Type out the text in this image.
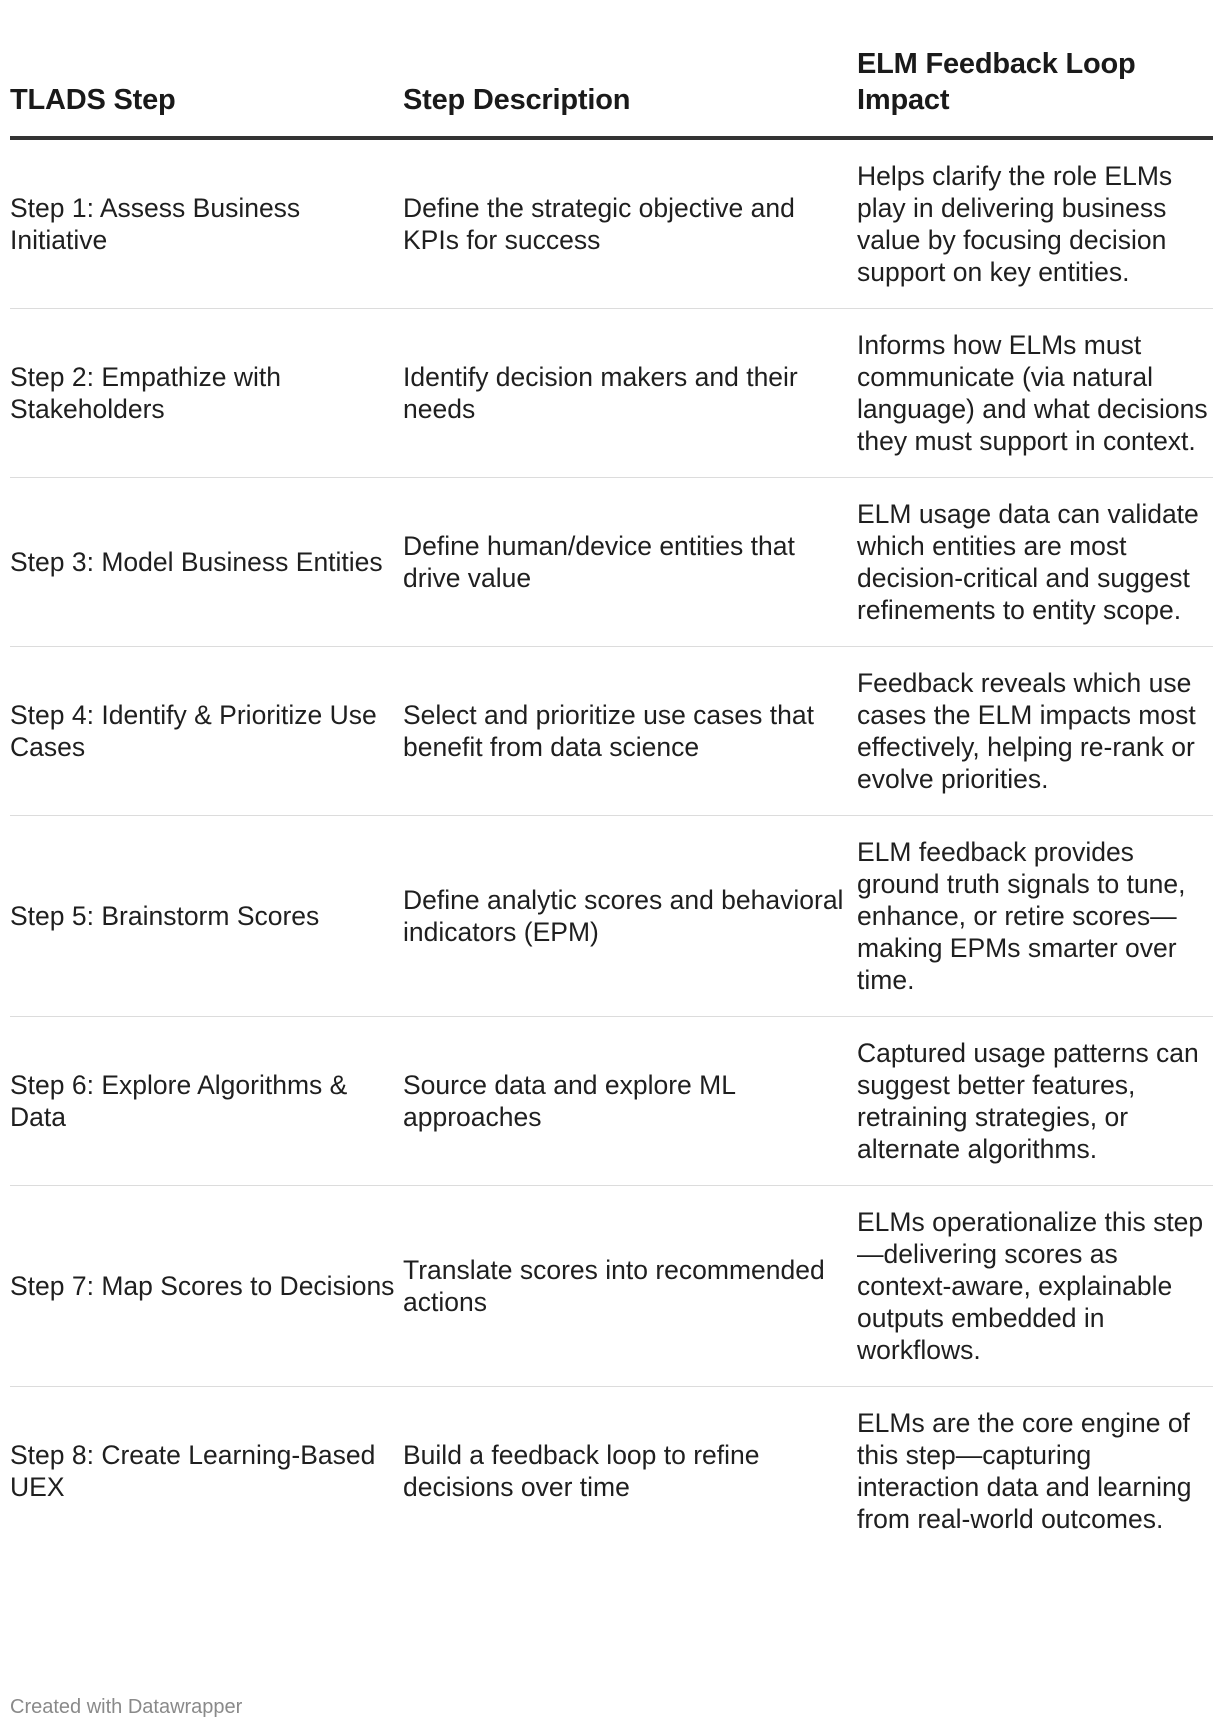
TLADS Step	Step Description	ELM Feedback Loop Impact
Step 1: Assess Business Initiative	Define the strategic objective and KPIs for success	Helps clarify the role ELMs play in delivering business value by focusing decision support on key entities.
Step 2: Empathize with Stakeholders	Identify decision makers and their needs	Informs how ELMs must communicate (via natural language) and what decisions they must support in context.
Step 3: Model Business Entities	Define human/device entities that drive value	ELM usage data can validate which entities are most decision-critical and suggest refinements to entity scope.
Step 4: Identify & Prioritize Use Cases	Select and prioritize use cases that benefit from data science	Feedback reveals which use cases the ELM impacts most effectively, helping re-rank or evolve priorities.
Step 5: Brainstorm Scores	Define analytic scores and behavioral indicators (EPM)	ELM feedback provides ground truth signals to tune, enhance, or retire scores—making EPMs smarter over time.
Step 6: Explore Algorithms & Data	Source data and explore ML approaches	Captured usage patterns can suggest better features, retraining strategies, or alternate algorithms.
Step 7: Map Scores to Decisions	Translate scores into recommended actions	ELMs operationalize this step—delivering scores as context-aware, explainable outputs embedded in workflows.
Step 8: Create Learning-Based UEX	Build a feedback loop to refine decisions over time	ELMs are the core engine of this step—capturing interaction data and learning from real-world outcomes.
Created with Datawrapper
